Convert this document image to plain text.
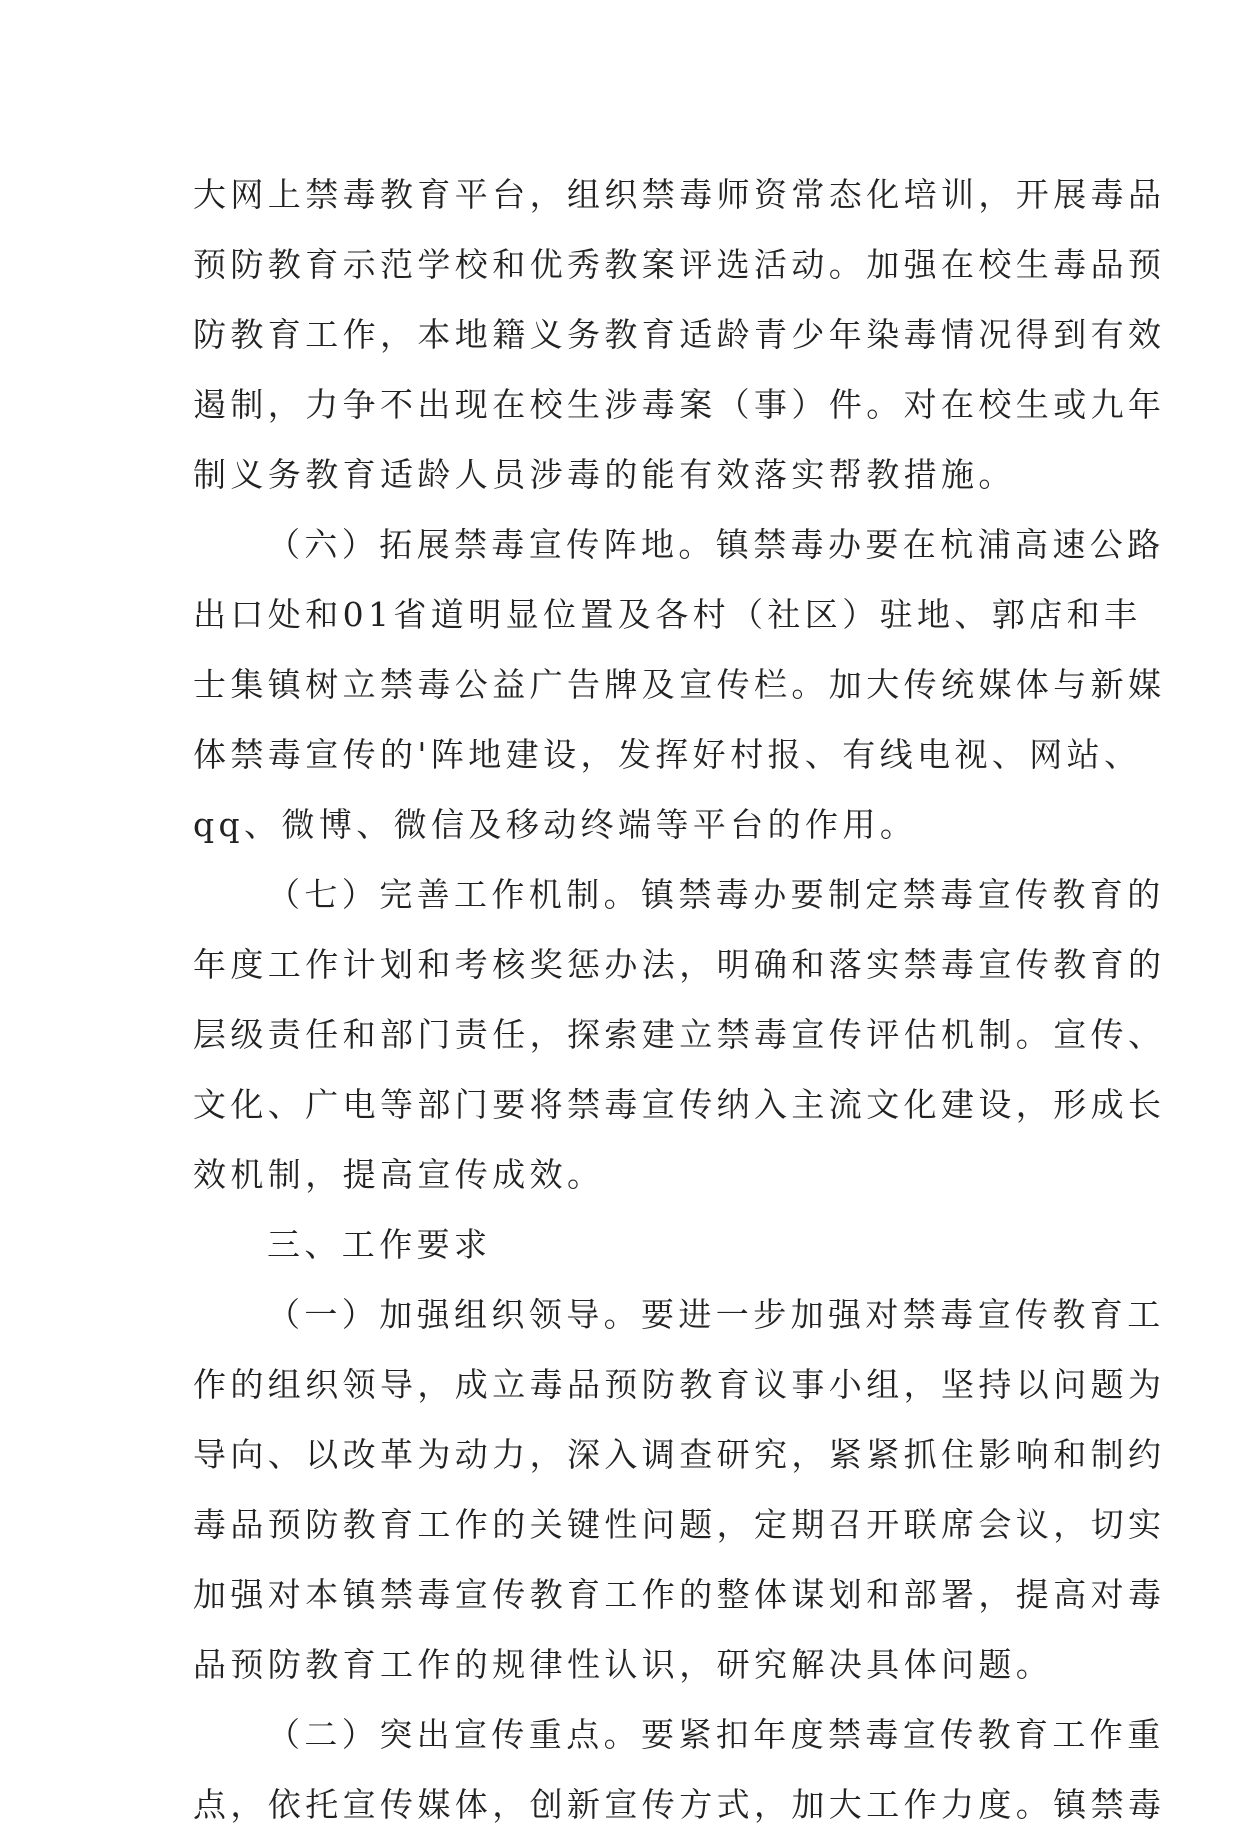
大网上禁毒教育平台，组织禁毒师资常态化培训，开展毒品
预防教育示范学校和优秀教案评选活动。加强在校生毒品预
防教育工作，本地籍义务教育适龄青少年染毒情况得到有效
遏制，力争不出现在校生涉毒案（事）件。对在校生或九年
制义务教育适龄人员涉毒的能有效落实帮教措施。
（六）拓展禁毒宣传阵地。镇禁毒办要在杭浦高速公路
出口处和01省道明显位置及各村（社区）驻地、郭店和丰
士集镇树立禁毒公益广告牌及宣传栏。加大传统媒体与新媒
体禁毒宣传的'阵地建设，发挥好村报、有线电视、网站、
qq、微博、微信及移动终端等平台的作用。
（七）完善工作机制。镇禁毒办要制定禁毒宣传教育的
年度工作计划和考核奖惩办法，明确和落实禁毒宣传教育的
层级责任和部门责任，探索建立禁毒宣传评估机制。宣传、
文化、广电等部门要将禁毒宣传纳入主流文化建设，形成长
效机制，提高宣传成效。
三、工作要求
（一）加强组织领导。要进一步加强对禁毒宣传教育工
作的组织领导，成立毒品预防教育议事小组，坚持以问题为
导向、以改革为动力，深入调查研究，紧紧抓住影响和制约
毒品预防教育工作的关键性问题，定期召开联席会议，切实
加强对本镇禁毒宣传教育工作的整体谋划和部署，提高对毒
品预防教育工作的规律性认识，研究解决具体问题。
（二）突出宣传重点。要紧扣年度禁毒宣传教育工作重
点，依托宣传媒体，创新宣传方式，加大工作力度。镇禁毒
